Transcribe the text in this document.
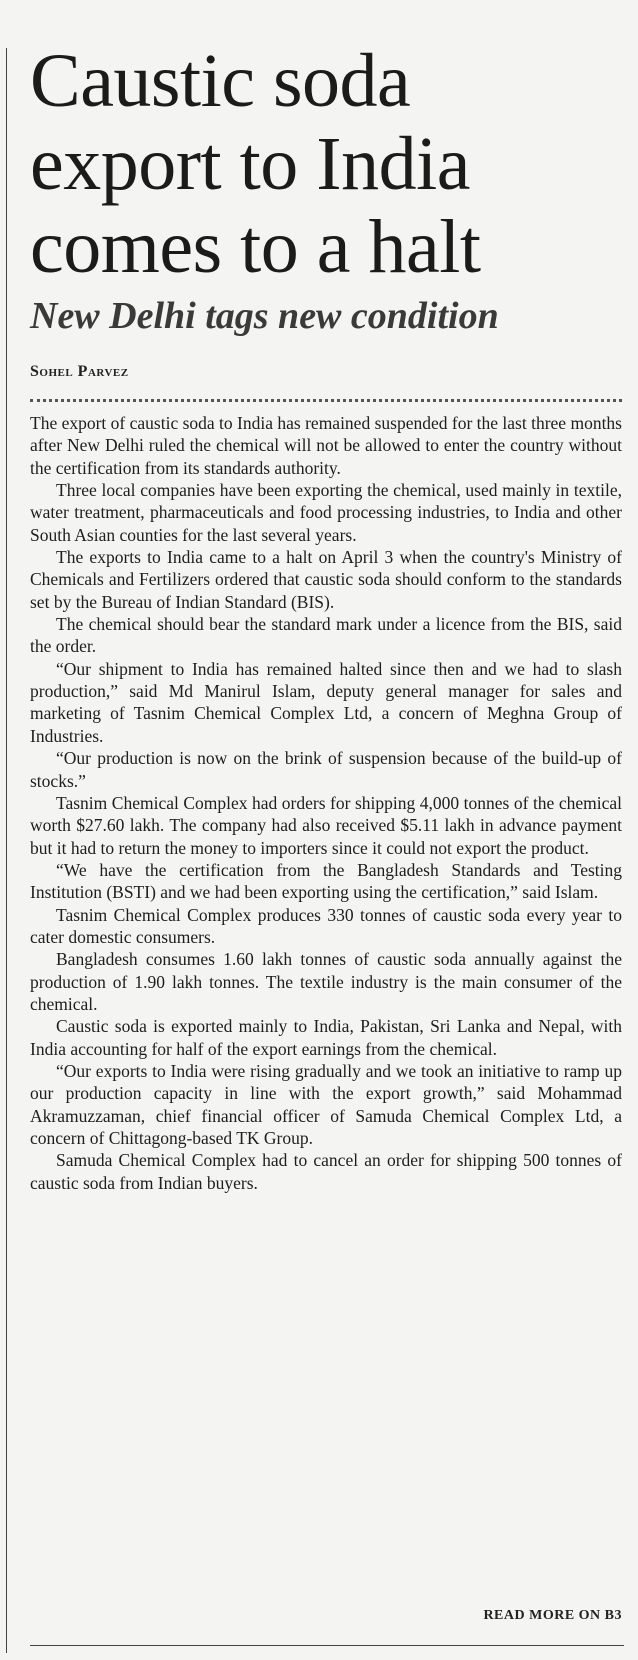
Caustic soda
export to India
comes to a halt
New Delhi tags new condition
Sohel Parvez

The export of caustic soda to India has remained suspended for the last three months after New Delhi ruled the chemical will not be allowed to enter the country without the certification from its standards authority.

Three local companies have been exporting the chemical, used mainly in textile, water treatment, pharmaceuticals and food processing industries, to India and other South Asian counties for the last several years.

The exports to India came to a halt on April 3 when the country's Ministry of Chemicals and Fertilizers ordered that caustic soda should conform to the standards set by the Bureau of Indian Standard (BIS).

The chemical should bear the standard mark under a licence from the BIS, said the order.

“Our shipment to India has remained halted since then and we had to slash production,” said Md Manirul Islam, deputy general manager for sales and marketing of Tasnim Chemical Complex Ltd, a concern of Meghna Group of Industries.

“Our production is now on the brink of suspension because of the build-up of stocks.”

Tasnim Chemical Complex had orders for shipping 4,000 tonnes of the chemical worth $27.60 lakh. The company had also received $5.11 lakh in advance payment but it had to return the money to importers since it could not export the product.

“We have the certification from the Bangladesh Standards and Testing Institution (BSTI) and we had been exporting using the certification,” said Islam.

Tasnim Chemical Complex produces 330 tonnes of caustic soda every year to cater domestic consumers.

Bangladesh consumes 1.60 lakh tonnes of caustic soda annually against the production of 1.90 lakh tonnes. The textile industry is the main consumer of the chemical.

Caustic soda is exported mainly to India, Pakistan, Sri Lanka and Nepal, with India accounting for half of the export earnings from the chemical.

“Our exports to India were rising gradually and we took an initiative to ramp up our production capacity in line with the export growth,” said Mohammad Akramuzzaman, chief financial officer of Samuda Chemical Complex Ltd, a concern of Chittagong-based TK Group.

Samuda Chemical Complex had to cancel an order for shipping 500 tonnes of caustic soda from Indian buyers.

READ MORE ON B3
